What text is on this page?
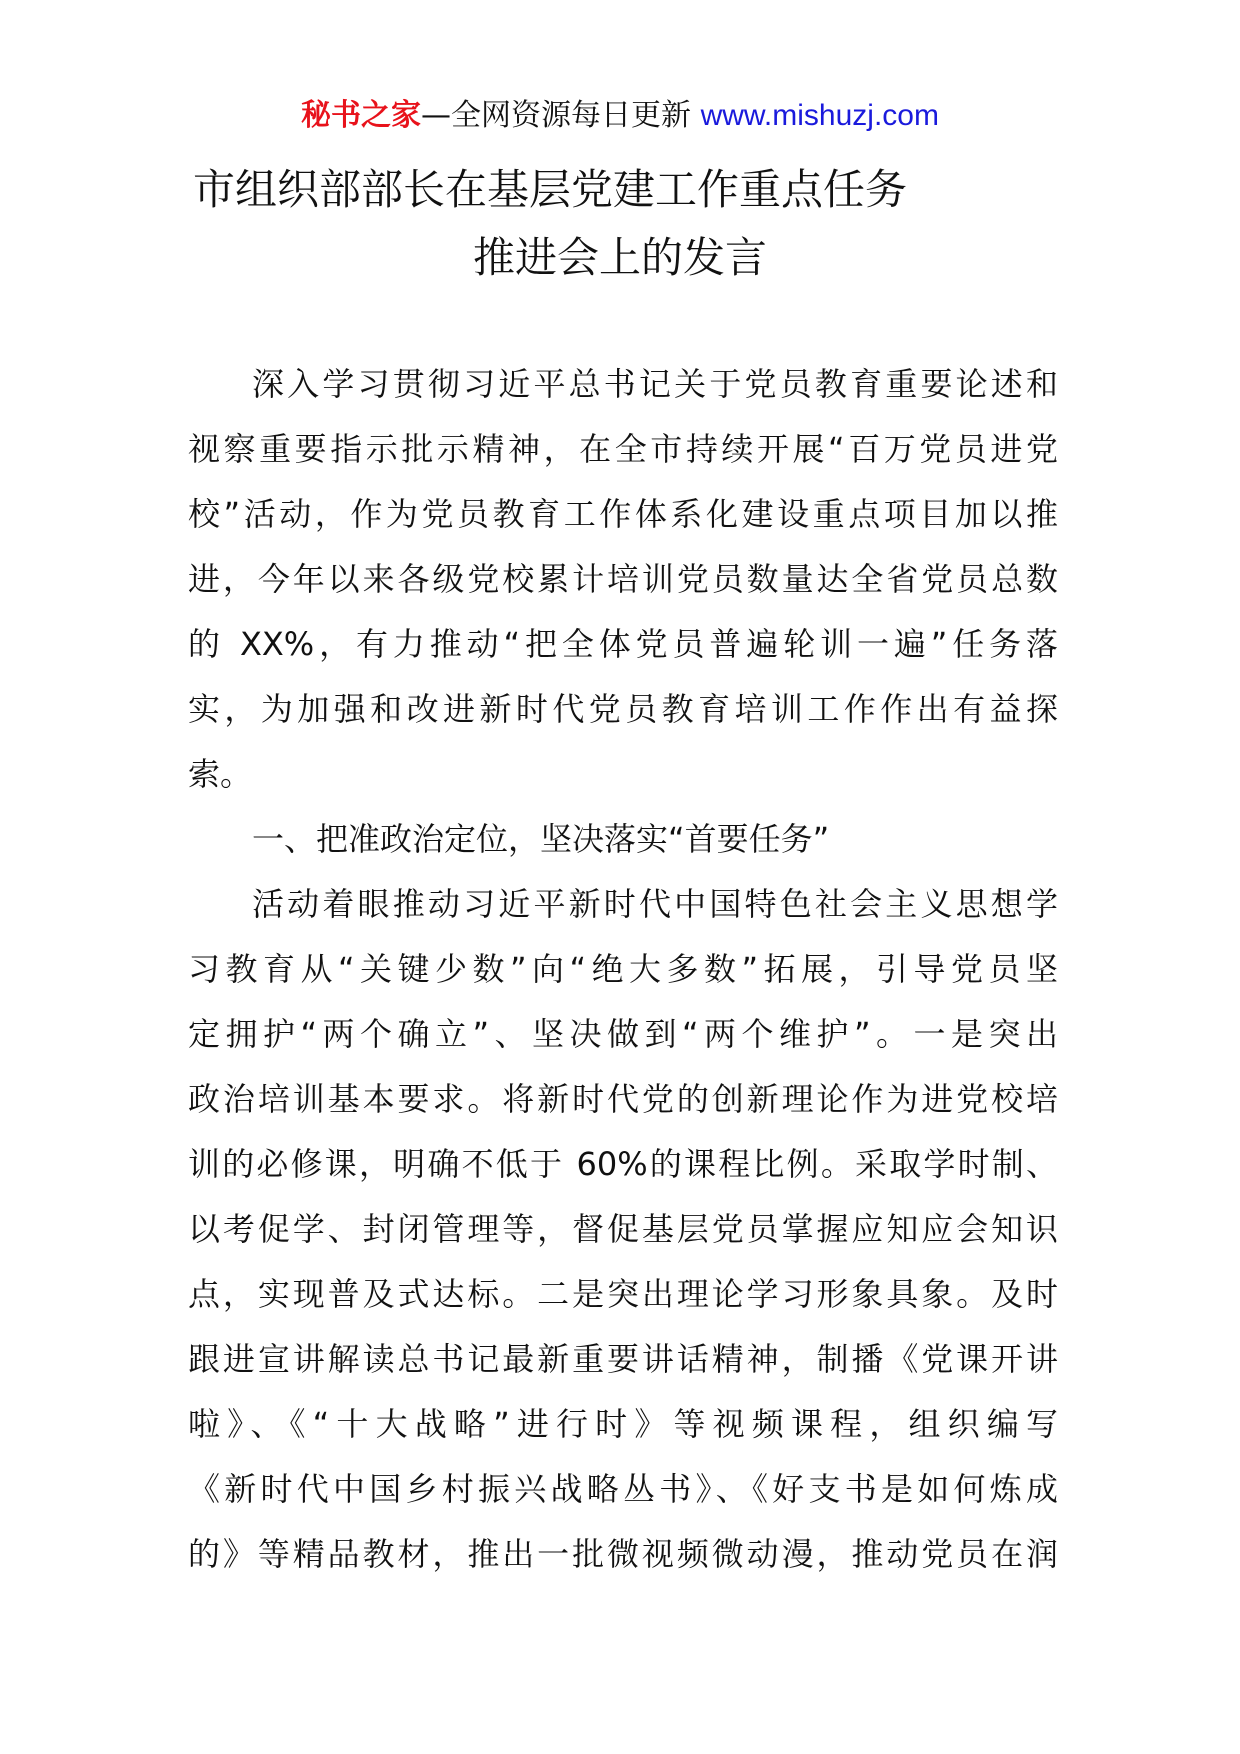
秘书之家—全网资源每日更新 www.mishuzj.com
市组织部部长在基层党建工作重点任务
推进会上的发言
深入学习贯彻习近平总书记关于党员教育重要论述和
视察重要指示批示精神，在全市持续开展“百万党员进党
校”活动，作为党员教育工作体系化建设重点项目加以推
进，今年以来各级党校累计培训党员数量达全省党员总数
的 XX%，有力推动“把全体党员普遍轮训一遍”任务落
实，为加强和改进新时代党员教育培训工作作出有益探
索。
一、把准政治定位，坚决落实“首要任务”
活动着眼推动习近平新时代中国特色社会主义思想学
习教育从“关键少数”向“绝大多数”拓展，引导党员坚
定拥护“两个确立”、坚决做到“两个维护”。一是突出
政治培训基本要求。将新时代党的创新理论作为进党校培
训的必修课，明确不低于 60%的课程比例。采取学时制、
以考促学、封闭管理等，督促基层党员掌握应知应会知识
点，实现普及式达标。二是突出理论学习形象具象。及时
跟进宣讲解读总书记最新重要讲话精神，制播《党课开讲
啦》、《“十大战略”进行时》等视频课程，组织编写
《新时代中国乡村振兴战略丛书》、《好支书是如何炼成
的》等精品教材，推出一批微视频微动漫，推动党员在润
